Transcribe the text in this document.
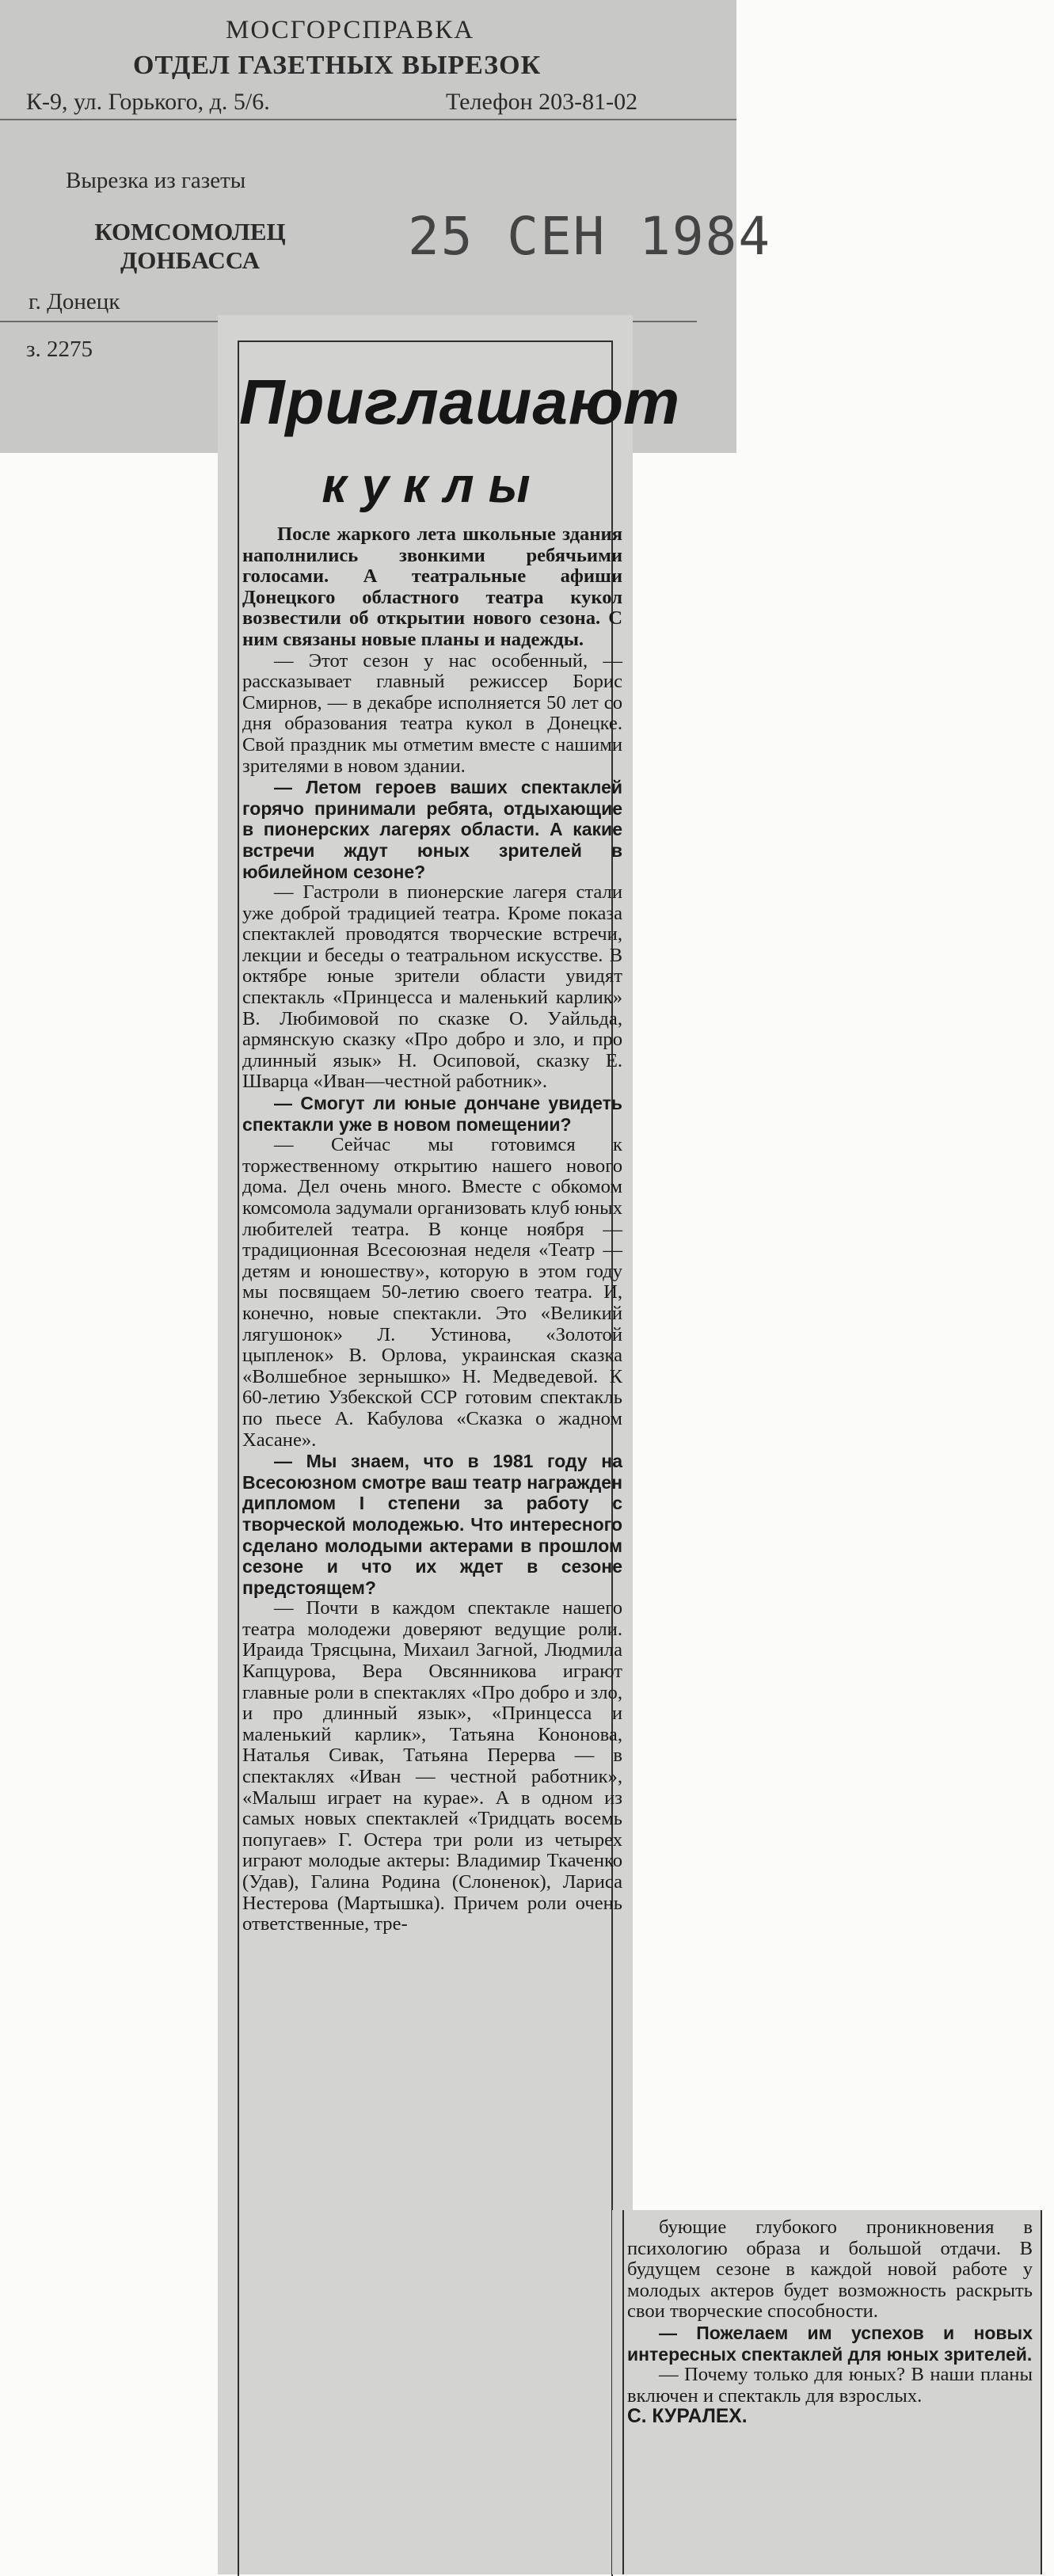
МОСГОРСПРАВКА
ОТДЕЛ ГАЗЕТНЫХ ВЫРЕЗОК
К-9, ул. Горького, д. 5/6.	Телефон 203-81-02
Вырезка из газеты
КОМСОМОЛЕЦ ДОНБАССА	25 СЕН 1984
г. Донецк
з. 2275
Приглашают
куклы

После жаркого лета школьные здания наполнились звонкими ребячьими голосами. А театральные афиши Донецкого областного театра кукол возвестили об открытии нового сезона. С ним связаны новые планы и надежды.

— Этот сезон у нас особенный, — рассказывает главный режиссер Борис Смирнов, — в декабре исполняется 50 лет со дня образования театра кукол в Донецке. Свой праздник мы отметим вместе с нашими зрителями в новом здании.

— Летом героев ваших спектаклей горячо принимали ребята, отдыхающие в пионерских лагерях области. А какие встречи ждут юных зрителей в юбилейном сезоне?

— Гастроли в пионерские лагеря стали уже доброй традицией театра. Кроме показа спектаклей проводятся творческие встречи, лекции и беседы о театральном искусстве. В октябре юные зрители области увидят спектакль «Принцесса и маленький карлик» В. Любимовой по сказке О. Уайльда, армянскую сказку «Про добро и зло, и про длинный язык» Н. Осиповой, сказку Е. Шварца «Иван—честной работник».

— Смогут ли юные дончане увидеть спектакли уже в новом помещении?

— Сейчас мы готовимся к торжественному открытию нашего нового дома. Дел очень много. Вместе с обкомом комсомола задумали организовать клуб юных любителей театра. В конце ноября — традиционная Всесоюзная неделя «Театр — детям и юношеству», которую в этом году мы посвящаем 50-летию своего театра. И, конечно, новые спектакли. Это «Великий лягушонок» Л. Устинова, «Золотой цыпленок» В. Орлова, украинская сказка «Волшебное зернышко» Н. Медведевой. К 60-летию Узбекской ССР готовим спектакль по пьесе А. Кабулова «Сказка о жадном Хасане».

— Мы знаем, что в 1981 году на Всесоюзном смотре ваш театр награжден дипломом I степени за работу с творческой молодежью. Что интересного сделано молодыми актерами в прошлом сезоне и что их ждет в сезоне предстоящем?

— Почти в каждом спектакле нашего театра молодежи доверяют ведущие роли. Ираида Трясцына, Михаил Загной, Людмила Капцурова, Вера Овсянникова играют главные роли в спектаклях «Про добро и зло, и про длинный язык», «Принцесса и маленький карлик», Татьяна Кононова, Наталья Сивак, Татьяна Перерва — в спектаклях «Иван — честной работник», «Малыш играет на курае». А в одном из самых новых спектаклей «Тридцать восемь попугаев» Г. Остера три роли из четырех играют молодые актеры: Владимир Ткаченко (Удав), Галина Родина (Слоненок), Лариса Нестерова (Мартышка). Причем роли очень ответственные, тре-

бующие глубокого проникновения в психологию образа и большой отдачи. В будущем сезоне в каждой новой работе у молодых актеров будет возможность раскрыть свои творческие способности.

— Пожелаем им успехов и новых интересных спектаклей для юных зрителей.

— Почему только для юных? В наши планы включен и спектакль для взрослых.

С. КУРАЛЕХ.
